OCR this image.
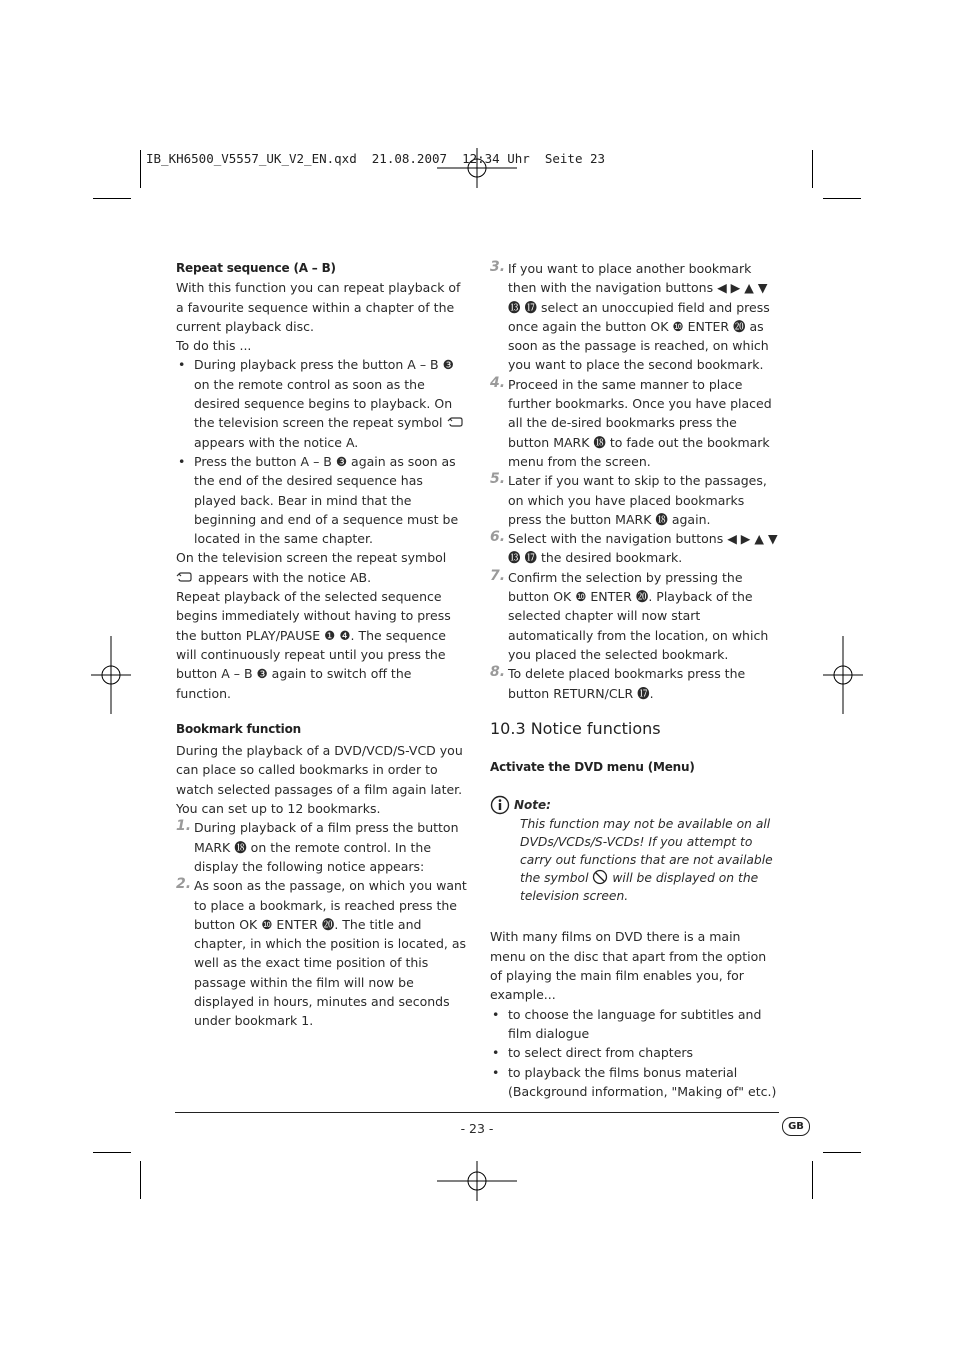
IB_KH6500_V5557_UK_V2_EN.qxd  21.08.2007  12:34 Uhr  Seite 23

Repeat sequence (A – B)

With this function you can repeat playback of a favourite sequence within a chapter of the current playback disc.

To do this ...

• During playback press the button A – B ❸ on the remote control as soon as the desired sequence begins to playback. On the television screen the repeat symbol  appears with the notice A.

• Press the button A – B ❸ again as soon as the end of the desired sequence has played back. Bear in mind that the beginning and end of a sequence must be located in the same chapter.

On the television screen the repeat symbol  appears with the notice AB.

Repeat playback of the selected sequence begins immediately without having to press the button PLAY/PAUSE ❶ ❹. The sequence will continuously repeat until you press the button A – B ❸ again to switch off the function.

Bookmark function

During the playback of a DVD/VCD/S-VCD you can place so called bookmarks in order to watch selected passages of a film again later. You can set up to 12 bookmarks.

1. During playback of a film press the button MARK ⓲ on the remote control. In the display the following notice appears:

2. As soon as the passage, on which you want to place a bookmark, is reached press the button OK ❿ ENTER ⓴. The title and chapter, in which the position is located, as well as the exact time position of this passage within the film will now be displayed in hours, minutes and seconds under bookmark 1.

3. If you want to place another bookmark then with the navigation buttons ◀ ▶ ▲ ▼ ⓭ ⓱ select an unoccupied field and press once again the button OK ❿ ENTER ⓴ as soon as the passage is reached, on which you want to place the second bookmark.

4. Proceed in the same manner to place further bookmarks. Once you have placed all the de-sired bookmarks press the button MARK ⓲ to fade out the bookmark menu from the screen.

5. Later if you want to skip to the passages, on which you have placed bookmarks press the button MARK ⓲ again.

6. Select with the navigation buttons ◀ ▶ ▲ ▼ ⓭ ⓱ the desired bookmark.

7. Confirm the selection by pressing the button OK ❿ ENTER ⓴. Playback of the selected chapter will now start automatically from the location, on which you placed the selected bookmark.

8. To delete placed bookmarks press the button RETURN/CLR ⓱.

10.3 Notice functions

Activate the DVD menu (Menu)

Note:

This function may not be available on all DVDs/VCDs/S-VCDs! If you attempt to carry out functions that are not available the symbol will be displayed on the television screen.

With many films on DVD there is a main menu on the disc that apart from the option of playing the main film enables you, for example...

• to choose the language for subtitles and film dialogue

• to select direct from chapters

• to playback the films bonus material (Background information, "Making of" etc.)

- 23 -	GB
